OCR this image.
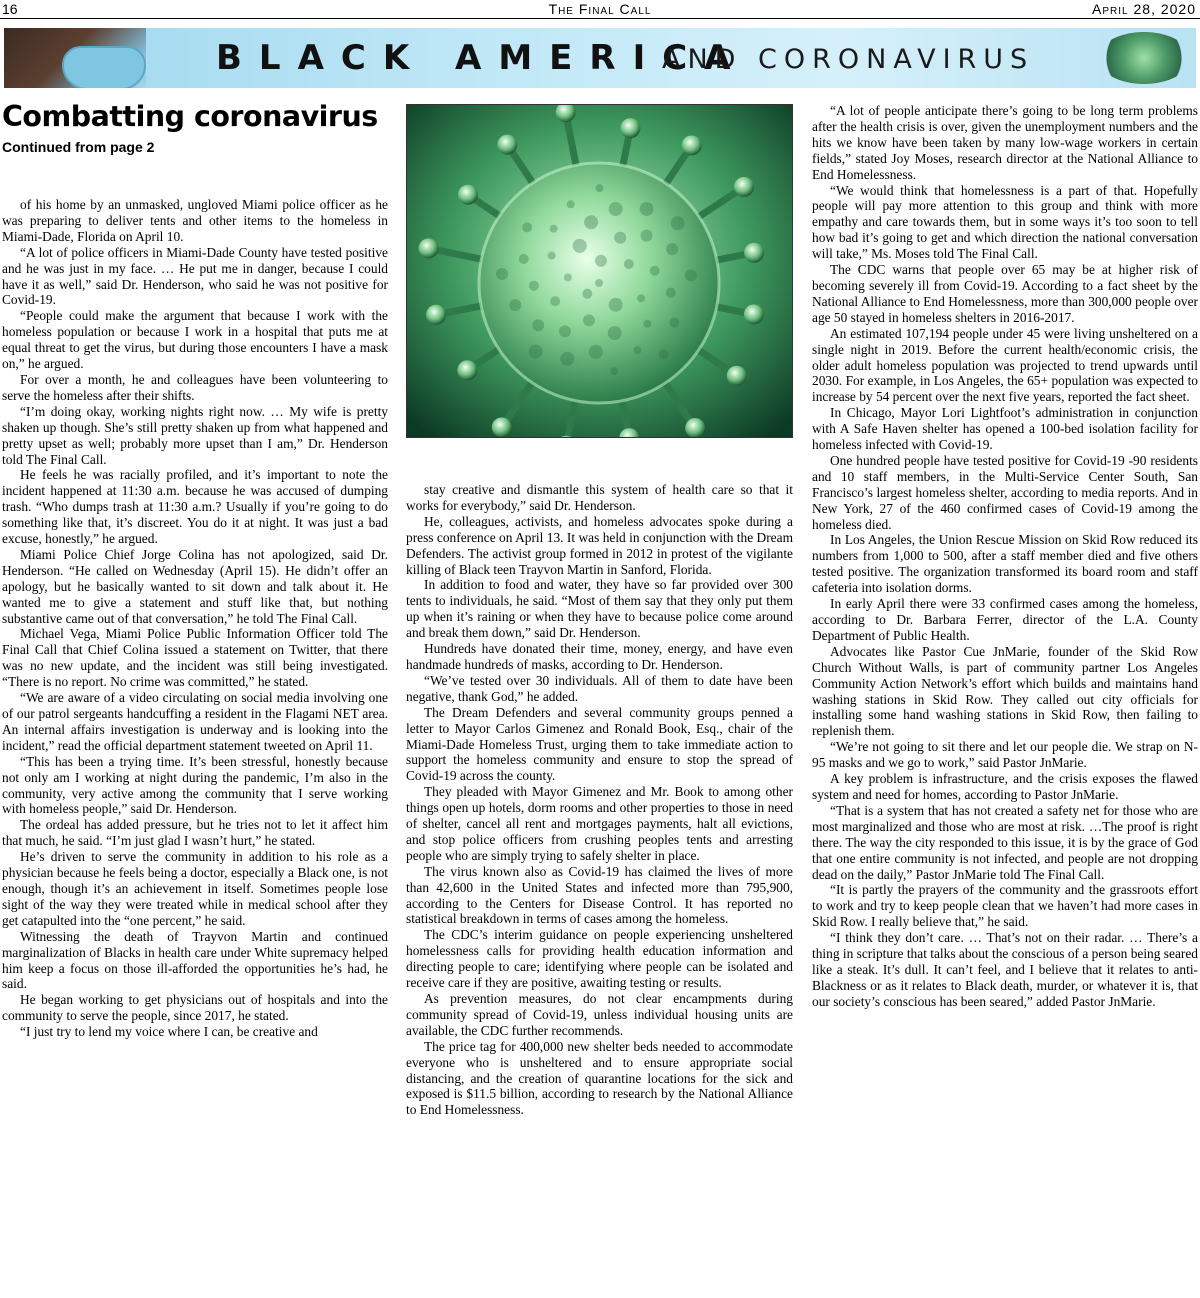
16	The Final Call	April 28, 2020
BLACK AMERICA
AND CORONAVIRUS
Combatting coronavirus

Continued from page 2

of his home by an unmasked, ungloved Miami police officer as he was preparing to deliver tents and other items to the homeless in Miami-Dade, Florida on April 10.

“A lot of police officers in Miami-Dade County have tested positive and he was just in my face. … He put me in danger, because I could have it as well,” said Dr. Henderson, who said he was not positive for Covid-19.

“People could make the argument that because I work with the homeless population or because I work in a hospital that puts me at equal threat to get the virus, but during those encounters I have a mask on,” he argued.

For over a month, he and colleagues have been volunteering to serve the homeless after their shifts.

“I’m doing okay, working nights right now. … My wife is pretty shaken up though. She’s still pretty shaken up from what happened and pretty upset as well; probably more upset than I am,” Dr. Henderson told The Final Call.

He feels he was racially profiled, and it’s important to note the incident happened at 11:30 a.m. because he was accused of dumping trash. “Who dumps trash at 11:30 a.m.? Usually if you’re going to do something like that, it’s discreet. You do it at night. It was just a bad excuse, honestly,” he argued.

Miami Police Chief Jorge Colina has not apologized, said Dr. Henderson. “He called on Wednesday (April 15). He didn’t offer an apology, but he basically wanted to sit down and talk about it. He wanted me to give a statement and stuff like that, but nothing substantive came out of that conversation,” he told The Final Call.

Michael Vega, Miami Police Public Information Officer told The Final Call that Chief Colina issued a statement on Twitter, that there was no new update, and the incident was still being investigated. “There is no report. No crime was committed,” he stated.

“We are aware of a video circulating on social media involving one of our patrol sergeants handcuffing a resident in the Flagami NET area. An internal affairs investigation is underway and is looking into the incident,” read the official department statement tweeted on April 11.

“This has been a trying time. It’s been stressful, honestly because not only am I working at night during the pandemic, I’m also in the community, very active among the community that I serve working with homeless people,” said Dr. Henderson.

The ordeal has added pressure, but he tries not to let it affect him that much, he said. “I’m just glad I wasn’t hurt,” he stated.

He’s driven to serve the community in addition to his role as a physician because he feels being a doctor, especially a Black one, is not enough, though it’s an achievement in itself. Sometimes people lose sight of the way they were treated while in medical school after they get catapulted into the “one percent,” he said.

Witnessing the death of Trayvon Martin and continued marginalization of Blacks in health care under White supremacy helped him keep a focus on those ill-afforded the opportunities he’s had, he said.

He began working to get physicians out of hospitals and into the community to serve the people, since 2017, he stated.

“I just try to lend my voice where I can, be creative and

stay creative and dismantle this system of health care so that it works for everybody,” said Dr. Henderson.

He, colleagues, activists, and homeless advocates spoke during a press conference on April 13. It was held in conjunction with the Dream Defenders. The activist group formed in 2012 in protest of the vigilante killing of Black teen Trayvon Martin in Sanford, Florida.

In addition to food and water, they have so far provided over 300 tents to individuals, he said. “Most of them say that they only put them up when it’s raining or when they have to because police come around and break them down,” said Dr. Henderson.

Hundreds have donated their time, money, energy, and have even handmade hundreds of masks, according to Dr. Henderson.

“We’ve tested over 30 individuals. All of them to date have been negative, thank God,” he added.

The Dream Defenders and several community groups penned a letter to Mayor Carlos Gimenez and Ronald Book, Esq., chair of the Miami-Dade Homeless Trust, urging them to take immediate action to support the homeless community and ensure to stop the spread of Covid-19 across the county.

They pleaded with Mayor Gimenez and Mr. Book to among other things open up hotels, dorm rooms and other properties to those in need of shelter, cancel all rent and mortgages payments, halt all evictions, and stop police officers from crushing peoples tents and arresting people who are simply trying to safely shelter in place.

The virus known also as Covid-19 has claimed the lives of more than 42,600 in the United States and infected more than 795,900, according to the Centers for Disease Control. It has reported no statistical breakdown in terms of cases among the homeless.

The CDC’s interim guidance on people experiencing unsheltered homelessness calls for providing health education information and directing people to care; identifying where people can be isolated and receive care if they are positive, awaiting testing or results.

As prevention measures, do not clear encampments during community spread of Covid-19, unless individual housing units are available, the CDC further recommends.

The price tag for 400,000 new shelter beds needed to accommodate everyone who is unsheltered and to ensure appropriate social distancing, and the creation of quarantine locations for the sick and exposed is $11.5 billion, according to research by the National Alliance to End Homelessness.

“A lot of people anticipate there’s going to be long term problems after the health crisis is over, given the unemployment numbers and the hits we know have been taken by many low-wage workers in certain fields,” stated Joy Moses, research director at the National Alliance to End Homelessness.

“We would think that homelessness is a part of that. Hopefully people will pay more attention to this group and think with more empathy and care towards them, but in some ways it’s too soon to tell how bad it’s going to get and which direction the national conversation will take,” Ms. Moses told The Final Call.

The CDC warns that people over 65 may be at higher risk of becoming severely ill from Covid-19. According to a fact sheet by the National Alliance to End Homelessness, more than 300,000 people over age 50 stayed in homeless shelters in 2016-2017.

An estimated 107,194 people under 45 were living unsheltered on a single night in 2019. Before the current health/economic crisis, the older adult homeless population was projected to trend upwards until 2030. For example, in Los Angeles, the 65+ population was expected to increase by 54 percent over the next five years, reported the fact sheet.

In Chicago, Mayor Lori Lightfoot’s administration in conjunction with A Safe Haven shelter has opened a 100-bed isolation facility for homeless infected with Covid-19.

One hundred people have tested positive for Covid-19 -90 residents and 10 staff members, in the Multi-Service Center South, San Francisco’s largest homeless shelter, according to media reports. And in New York, 27 of the 460 confirmed cases of Covid-19 among the homeless died.

In Los Angeles, the Union Rescue Mission on Skid Row reduced its numbers from 1,000 to 500, after a staff member died and five others tested positive. The organization transformed its board room and staff cafeteria into isolation dorms.

In early April there were 33 confirmed cases among the homeless, according to Dr. Barbara Ferrer, director of the L.A. County Department of Public Health.

Advocates like Pastor Cue JnMarie, founder of the Skid Row Church Without Walls, is part of community partner Los Angeles Community Action Network’s effort which builds and maintains hand washing stations in Skid Row. They called out city officials for installing some hand washing stations in Skid Row, then failing to replenish them.

“We’re not going to sit there and let our people die. We strap on N-95 masks and we go to work,” said Pastor JnMarie.

A key problem is infrastructure, and the crisis exposes the flawed system and need for homes, according to Pastor JnMarie.

“That is a system that has not created a safety net for those who are most marginalized and those who are most at risk. …The proof is right there. The way the city responded to this issue, it is by the grace of God that one entire community is not infected, and people are not dropping dead on the daily,” Pastor JnMarie told The Final Call.

“It is partly the prayers of the community and the grassroots effort to work and try to keep people clean that we haven’t had more cases in Skid Row. I really believe that,” he said.

“I think they don’t care. … That’s not on their radar. … There’s a thing in scripture that talks about the conscious of a person being seared like a steak. It’s dull. It can’t feel, and I believe that it relates to anti-Blackness or as it relates to Black death, murder, or whatever it is, that our society’s conscious has been seared,” added Pastor JnMarie.
